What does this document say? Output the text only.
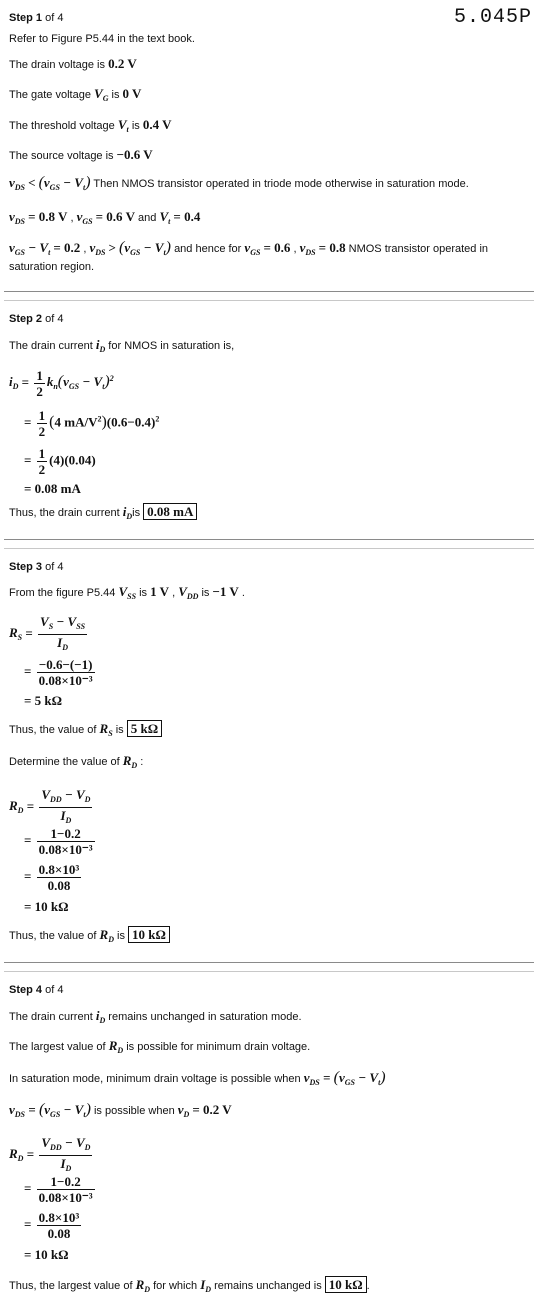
5.045P
Step 1 of 4
Refer to Figure P5.44 in the text book.
The drain voltage is 0.2 V
The gate voltage $V_G$ is 0 V
The threshold voltage $V_t$ is 0.4 V
The source voltage is −0.6 V
$v_{DS} < (v_{GS} - V_t)$ Then NMOS transistor operated in triode mode otherwise in saturation mode.
$v_{DS} = 0.8$ V , $v_{GS} = 0.6$ V and $V_t = 0.4$
$v_{GS} - V_t = 0.2$ , $v_{DS} > (v_{GS} - V_t)$ and hence for $v_{GS} = 0.6$ , $v_{DS} = 0.8$ NMOS transistor operated in
saturation region.
Step 2 of 4
The drain current $i_D$ for NMOS in saturation is,
$i_D = \frac{1}{2} k_n(v_{GS} - V_t)^2$
= $\frac{1}{2} (4$ $mA/V^2)(0.6-0.4)^2$
= $\frac{1}{2} (4)(0.04)$
= 0.08 mA
Thus, the drain current $i_Dis$ 0.08 mA
Step 3 of 4
From the figure P5.44 $V_{SS}$ is 1 V , $V_{DD}$ is −1 V .
$R_S = \frac{V_S - V_{SS}}{I_D}$
= $\frac{-0.6-(-1)}{\text{0.08×10⁻³}}$
= 5 kΩ
Thus, the value of $R_S$ is 5 kΩ
Determine the value of $R_D$ :
$R_D = \frac{V_{DD} - V_D}{I_D}$
= $\frac{1-0.2}{\text{0.08×10⁻³}}$
= $\frac{\text{0.8×10³}}{0.08}$
= 10 kΩ
Thus, the value of $R_D$ is 10 kΩ
Step 4 of 4
The drain current $i_D$ remains unchanged in saturation mode.
The largest value of $R_D$ is possible for minimum drain voltage.
In saturation mode, minimum drain voltage is possible when $v_{DS} = (v_{GS} - V_t)$
$v_{DS} = (v_{GS} - V_t)$ is possible when $v_D = 0.2$ V
$R_D = \frac{V_{DD} - V_D}{I_D}$
= $\frac{1-0.2}{\text{0.08×10⁻³}}$
= $\frac{\text{0.8×10³}}{0.08}$
= 10 kΩ
Thus, the largest value of $R_D$ for which $I_D$ remains unchanged is 10 kΩ .
